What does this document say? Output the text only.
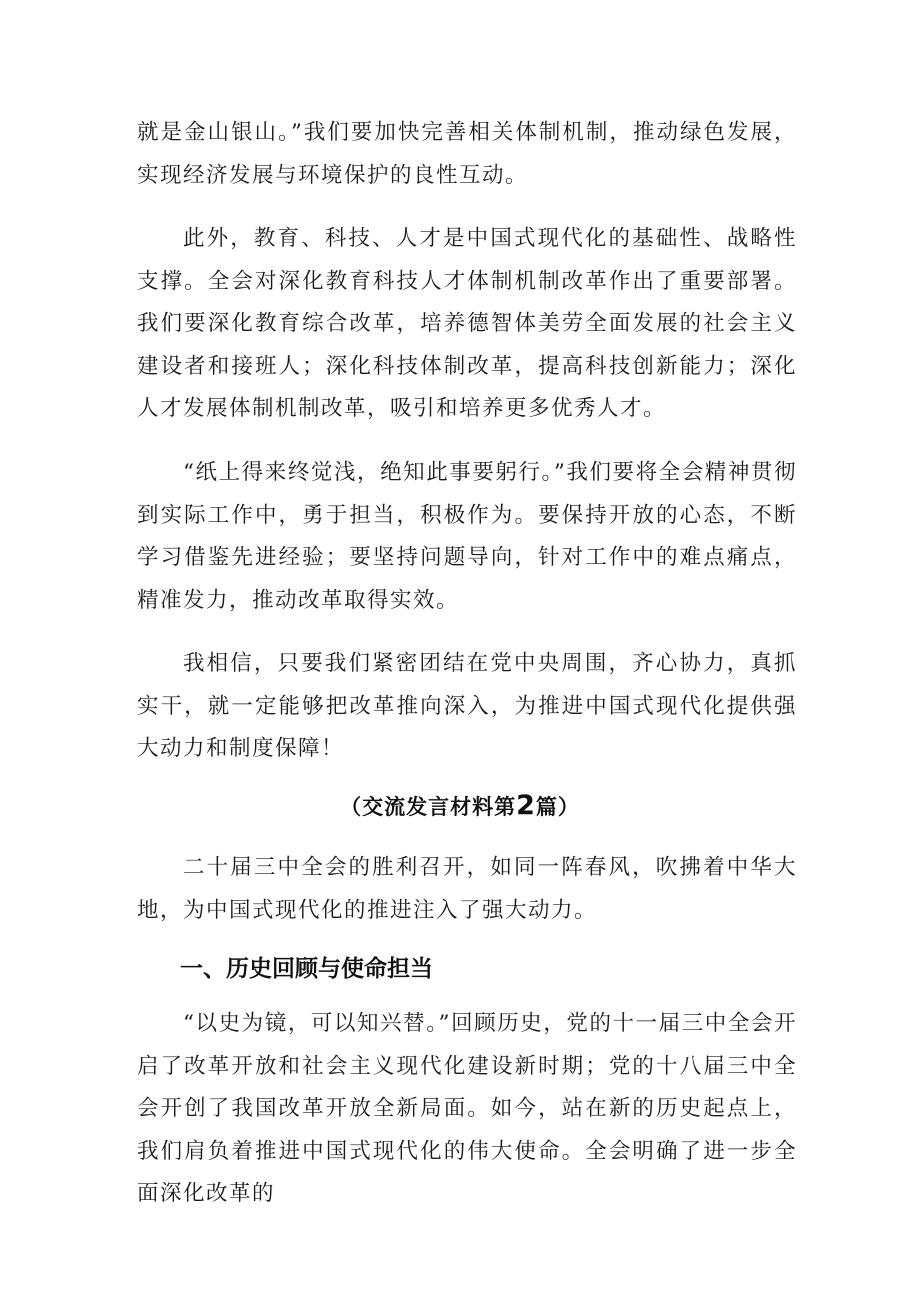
就是金山银山。”我们要加快完善相关体制机制，推动绿色发展，实现经济发展与环境保护的良性互动。

此外，教育、科技、人才是中国式现代化的基础性、战略性支撑。全会对深化教育科技人才体制机制改革作出了重要部署。我们要深化教育综合改革，培养德智体美劳全面发展的社会主义建设者和接班人；深化科技体制改革，提高科技创新能力；深化人才发展体制机制改革，吸引和培养更多优秀人才。

“纸上得来终觉浅，绝知此事要躬行。”我们要将全会精神贯彻到实际工作中，勇于担当，积极作为。要保持开放的心态，不断学习借鉴先进经验；要坚持问题导向，针对工作中的难点痛点，精准发力，推动改革取得实效。

我相信，只要我们紧密团结在党中央周围，齐心协力，真抓实干，就一定能够把改革推向深入，为推进中国式现代化提供强大动力和制度保障！

（交流发言材料第2篇）

二十届三中全会的胜利召开，如同一阵春风，吹拂着中华大地，为中国式现代化的推进注入了强大动力。

一、历史回顾与使命担当

“以史为镜，可以知兴替。”回顾历史，党的十一届三中全会开启了改革开放和社会主义现代化建设新时期；党的十八届三中全会开创了我国改革开放全新局面。如今，站在新的历史起点上，我们肩负着推进中国式现代化的伟大使命。全会明确了进一步全面深化改革的
